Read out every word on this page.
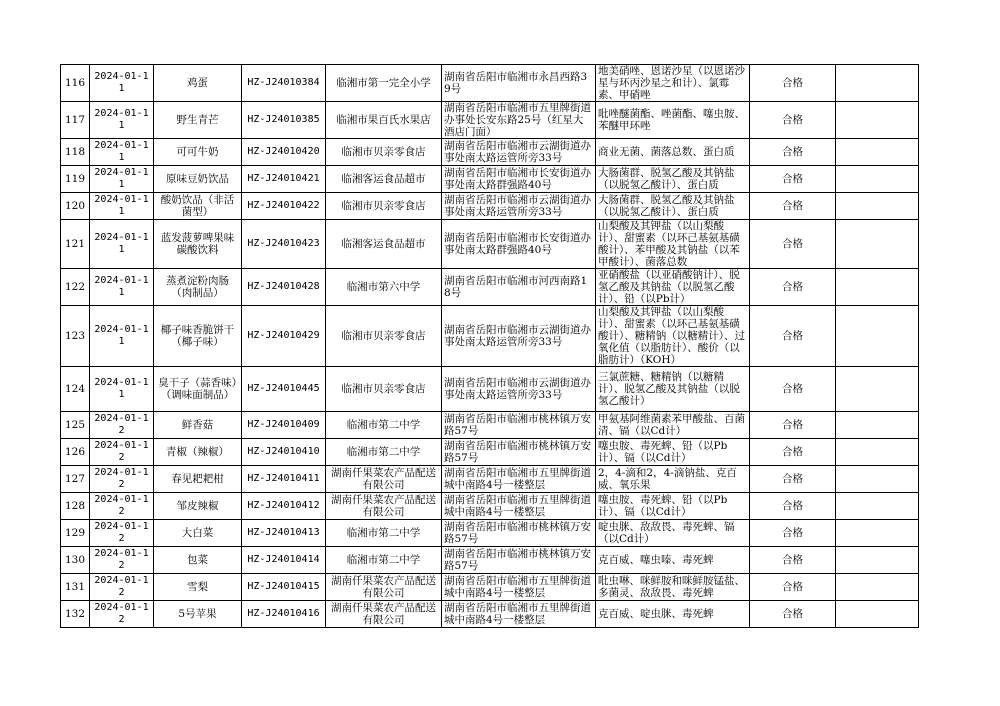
116	2024-01-11	鸡蛋	HZ-J24010384	临湘市第一完全小学	湖南省岳阳市临湘市永昌西路39号	地美硝唑、恩诺沙星（以恩诺沙星与环丙沙星之和计）、氯霉素、甲硝唑	合格	
117	2024-01-11	野生青芒	HZ-J24010385	临湘市果百氏水果店	湖南省岳阳市临湘市五里牌街道办事处长安东路25号（红星大酒店门面）	吡唑醚菌酯、唑菌酯、噻虫胺、苯醚甲环唑	合格	
118	2024-01-11	可可牛奶	HZ-J24010420	临湘市贝亲零食店	湖南省岳阳市临湘市云湖街道办事处南太路运管所旁33号	商业无菌、菌落总数、蛋白质	合格	
119	2024-01-11	原味豆奶饮品	HZ-J24010421	临湘客运食品超市	湖南省岳阳市临湘市长安街道办事处南太路群强路40号	大肠菌群、脱氢乙酸及其钠盐（以脱氢乙酸计）、蛋白质	合格	
120	2024-01-11	酸奶饮品（非活菌型）	HZ-J24010422	临湘市贝亲零食店	湖南省岳阳市临湘市云湖街道办事处南太路运管所旁33号	大肠菌群、脱氢乙酸及其钠盐（以脱氢乙酸计）、蛋白质	合格	
121	2024-01-11	蓝发菠萝啤果味碳酸饮料	HZ-J24010423	临湘客运食品超市	湖南省岳阳市临湘市长安街道办事处南太路群强路40号	山梨酸及其钾盐（以山梨酸计）、甜蜜素（以环己基氨基磺酸计）、苯甲酸及其钠盐（以苯甲酸计）、菌落总数	合格	
122	2024-01-11	蒸煮淀粉肉肠（肉制品）	HZ-J24010428	临湘市第六中学	湖南省岳阳市临湘市河西南路18号	亚硝酸盐（以亚硝酸钠计）、脱氢乙酸及其钠盐（以脱氢乙酸计）、铅（以Pb计）	合格	
123	2024-01-11	椰子味香脆饼干（椰子味）	HZ-J24010429	临湘市贝亲零食店	湖南省岳阳市临湘市云湖街道办事处南太路运管所旁33号	山梨酸及其钾盐（以山梨酸计）、甜蜜素（以环己基氨基磺酸计）、糖精钠（以糖精计）、过氧化值（以脂肪计）、酸价（以脂肪计）（KOH）	合格	
124	2024-01-11	臭干子（蒜香味）（调味面制品）	HZ-J24010445	临湘市贝亲零食店	湖南省岳阳市临湘市云湖街道办事处南太路运管所旁33号	三氯蔗糖、糖精钠（以糖精计）、脱氢乙酸及其钠盐（以脱氢乙酸计）	合格	
125	2024-01-12	鲜香菇	HZ-J24010409	临湘市第二中学	湖南省岳阳市临湘市桃林镇万安路57号	甲氨基阿维菌素苯甲酸盐、百菌清、镉（以Cd计）	合格	
126	2024-01-12	青椒（辣椒）	HZ-J24010410	临湘市第二中学	湖南省岳阳市临湘市桃林镇万安路57号	噻虫胺、毒死蜱、铅（以Pb计）、镉（以Cd计）	合格	
127	2024-01-12	春见耙耙柑	HZ-J24010411	湖南仟果菜农产品配送有限公司	湖南省岳阳市临湘市五里牌街道城中南路4号一楼整层	2，4-滴和2，4-滴钠盐、克百威、氧乐果	合格	
128	2024-01-12	邹皮辣椒	HZ-J24010412	湖南仟果菜农产品配送有限公司	湖南省岳阳市临湘市五里牌街道城中南路4号一楼整层	噻虫胺、毒死蜱、铅（以Pb计）、镉（以Cd计）	合格	
129	2024-01-12	大白菜	HZ-J24010413	临湘市第二中学	湖南省岳阳市临湘市桃林镇万安路57号	啶虫脒、敌敌畏、毒死蜱、镉（以Cd计）	合格	
130	2024-01-12	包菜	HZ-J24010414	临湘市第二中学	湖南省岳阳市临湘市桃林镇万安路57号	克百威、噻虫嗪、毒死蜱	合格	
131	2024-01-12	雪梨	HZ-J24010415	湖南仟果菜农产品配送有限公司	湖南省岳阳市临湘市五里牌街道城中南路4号一楼整层	吡虫啉、咪鲜胺和咪鲜胺锰盐、多菌灵、敌敌畏、毒死蜱	合格	
132	2024-01-12	5号苹果	HZ-J24010416	湖南仟果菜农产品配送有限公司	湖南省岳阳市临湘市五里牌街道城中南路4号一楼整层	克百威、啶虫脒、毒死蜱	合格	
